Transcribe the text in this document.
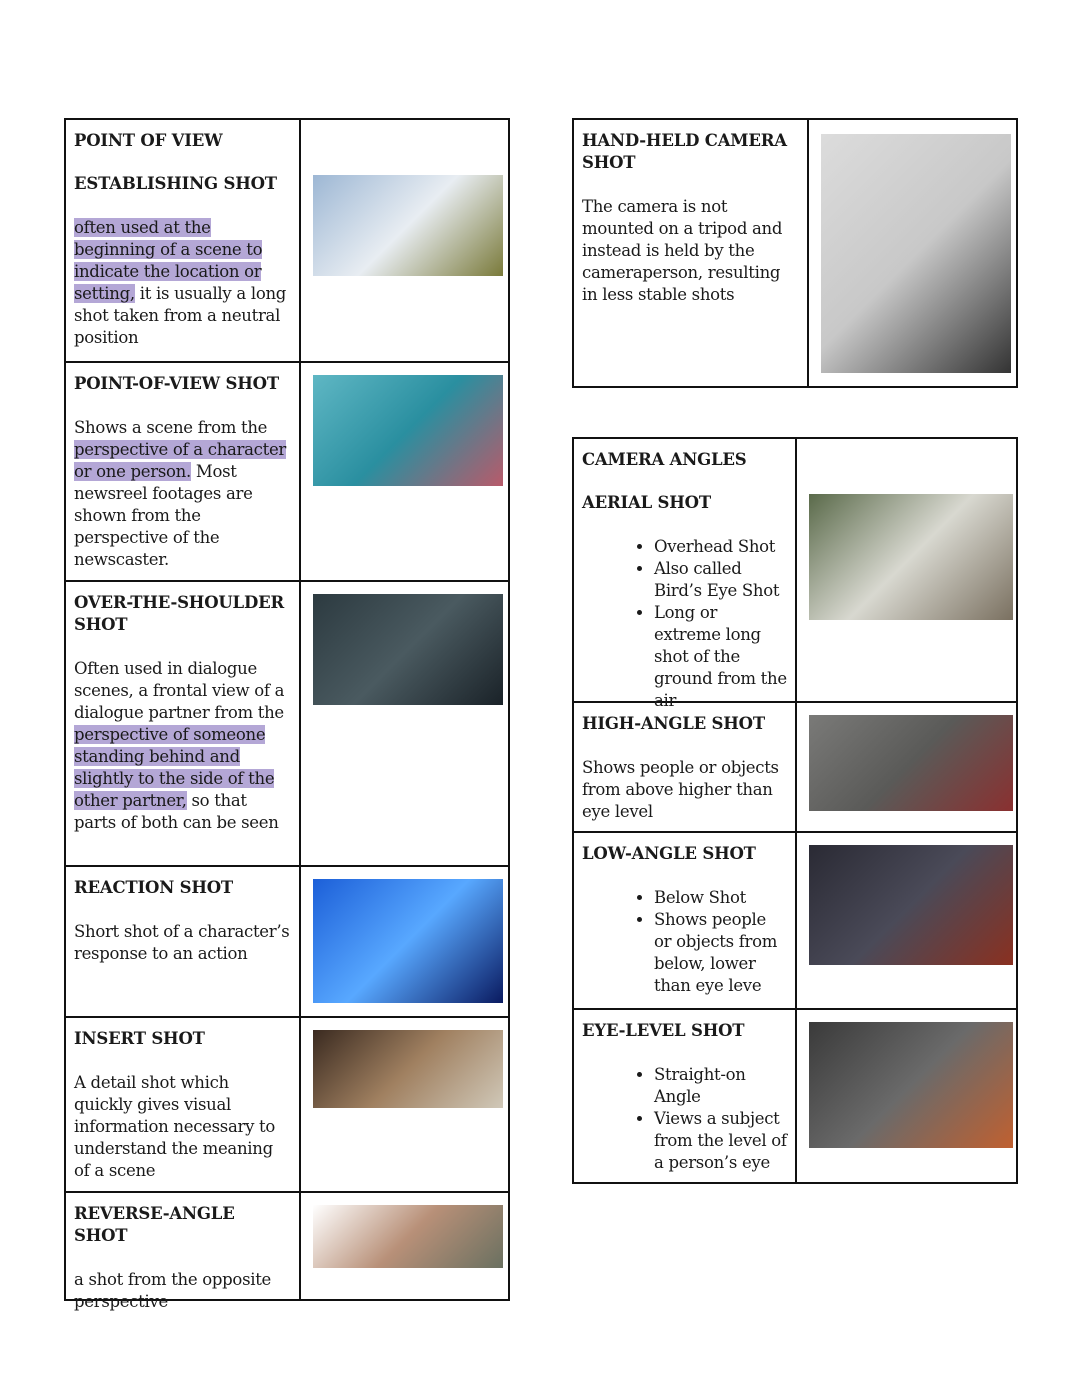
POINT OF VIEW
ESTABLISHING SHOT
often used at the beginning of a scene to indicate the location or setting, it is usually a long shot taken from a neutral position
POINT-OF-VIEW SHOT
Shows a scene from the perspective of a character or one person. Most newsreel footages are shown from the perspective of the newscaster.
OVER-THE-SHOULDER SHOT
Often used in dialogue scenes, a frontal view of a dialogue partner from the perspective of someone standing behind and slightly to the side of the other partner, so that parts of both can be seen
REACTION SHOT
Short shot of a character’s response to an action
INSERT SHOT
A detail shot which quickly gives visual information necessary to understand the meaning of a scene
REVERSE-ANGLE SHOT
a shot from the opposite perspective
HAND-HELD CAMERA SHOT
The camera is not mounted on a tripod and instead is held by the cameraperson, resulting in less stable shots
CAMERA ANGLES
AERIAL SHOT
• Overhead Shot
• Also called Bird’s Eye Shot
• Long or extreme long shot of the ground from the air
HIGH-ANGLE SHOT
Shows people or objects from above higher than eye level
LOW-ANGLE SHOT
• Below Shot
• Shows people or objects from below, lower than eye leve
EYE-LEVEL SHOT
• Straight-on Angle
• Views a subject from the level of a person’s eye
